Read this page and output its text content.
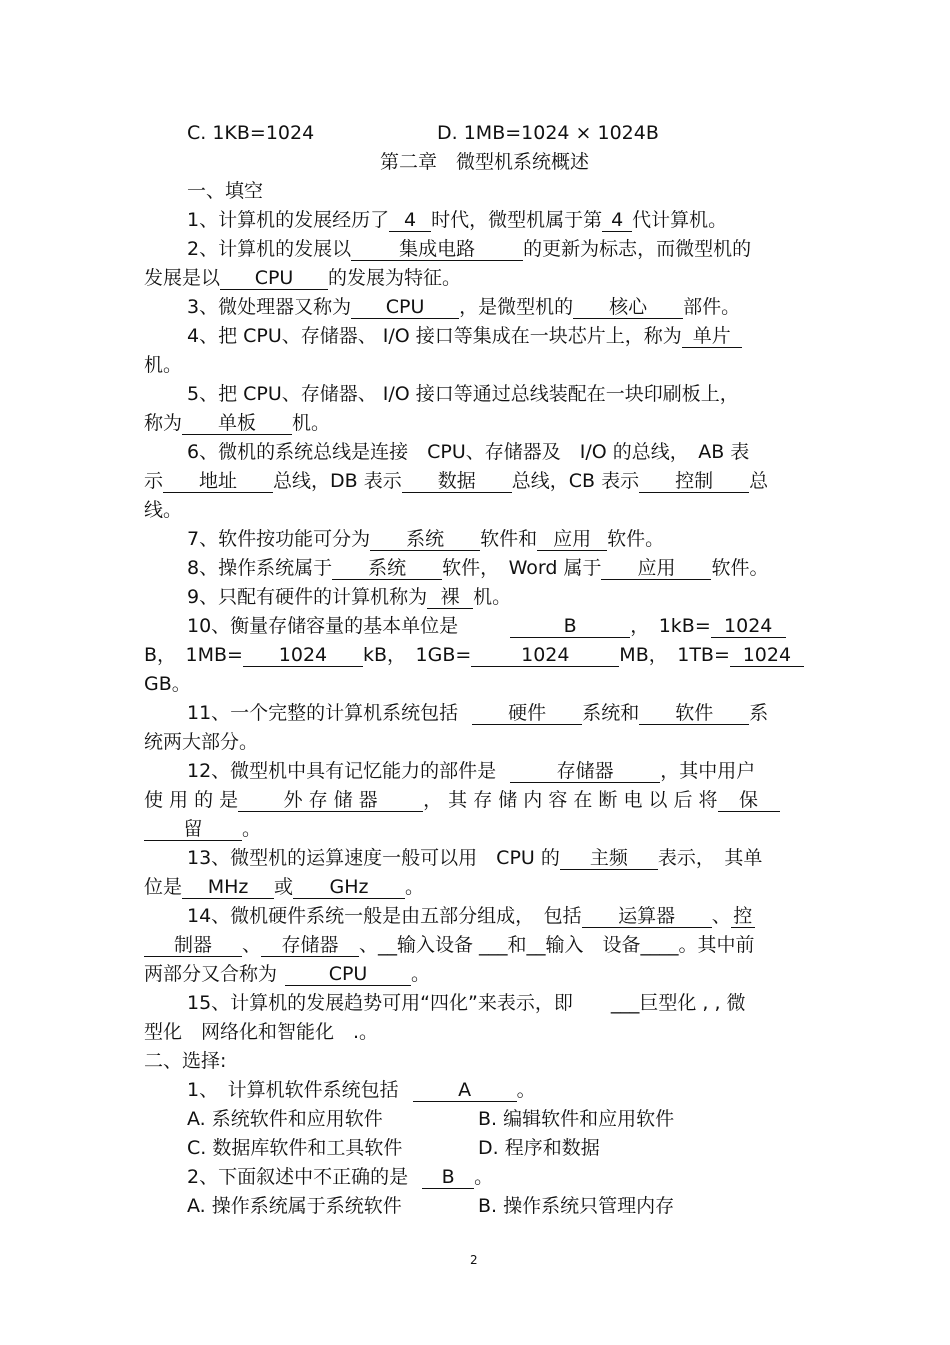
C. 1KB=1024	D. 1MB=1024 × 1024B
第二章　微型机系统概述
一、填空
1、计算机的发展经历了 4 时代，微型机属于第 4 代计算机。
2、计算机的发展以	集成电路	的更新为标志，而微型机的
发展是以 CPU 的发展为特征。
3、微处理器又称为 CPU ，是微型机的 核心 部件。
4、把 CPU、存储器、 I/O 接口等集成在一块芯片上，称为 单片
机。
5、把 CPU、存储器、 I/O 接口等通过总线装配在一块印刷板上，
称为 单板 机。
6、微机的系统总线是连接　CPU、存储器及　I/O 的总线，　AB 表
示 地址 总线，DB 表示 数据 总线，CB 表示 控制 总
线。
7、软件按功能可分为 系统 软件和 应用 软件。
8、操作系统属于 系统 软件，　Word 属于 应用 软件。
9、只配有硬件的计算机称为 裸 机。
10、衡量存储容量的基本单位是	B	，　1kB= 1024
B，　1MB= 1024 kB，　1GB=	1024	MB，　1TB= 1024
GB。
11、一个完整的计算机系统包括	硬件 系统和 软件 系
统两大部分。
12、微型机中具有记忆能力的部件是	存储器 ，其中用户
使 用 的 是 外 存 储 器 ， 其 存 储 内 容 在 断 电 以 后 将 保
留 。
13、微型机的运算速度一般可以用　CPU 的 主频 表示，　其单
位是 MHz 或 GHz 。
14、微机硬件系统一般是由五部分组成，　包括 运算器 、 控
制器 、 存储器 、__输入设备 ___和__输入　设备____。其中前
两部分又合称为	CPU 。
15、计算机的发展趋势可用“四化”来表示，即　　___巨型化 , , 微
型化　网络化和智能化　.。
二、选择:
1、　计算机软件系统包括	A 。
A. 系统软件和应用软件	B. 编辑软件和应用软件
C. 数据库软件和工具软件	D. 程序和数据
2、下面叙述中不正确的是 B 。
A. 操作系统属于系统软件	B. 操作系统只管理内存
2
